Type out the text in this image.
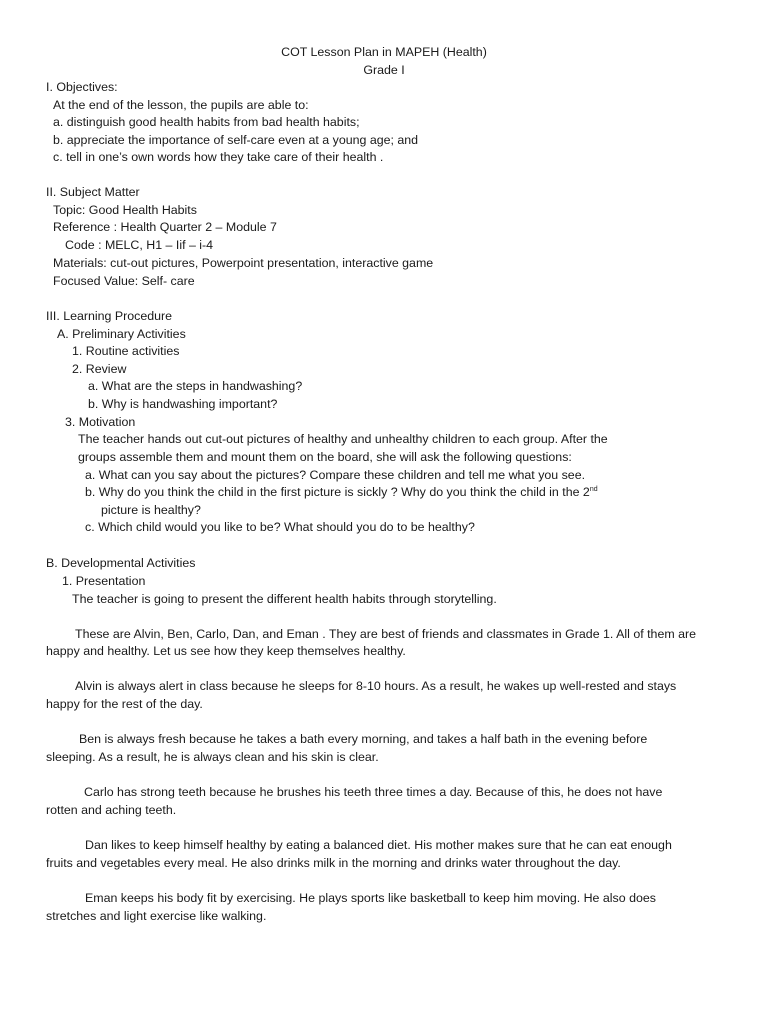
COT Lesson Plan in MAPEH (Health)
Grade I
I. Objectives:
At the end of the lesson, the pupils are able to:
a. distinguish good health habits from bad health habits;
b. appreciate the importance of self-care even at a young age; and
c. tell in one’s own words how they take care of their health .
II. Subject Matter
Topic: Good Health Habits
Reference : Health Quarter 2 – Module 7
Code : MELC, H1 – Iif – i-4
Materials: cut-out pictures, Powerpoint presentation, interactive game
Focused Value: Self- care
III. Learning Procedure
A. Preliminary Activities
1. Routine activities
2. Review
a. What are the steps in handwashing?
b. Why is handwashing important?
3. Motivation
The teacher hands out cut-out pictures of healthy and unhealthy children to each group. After the
groups assemble them and mount them on the board, she will ask the following questions:
a. What can you say about the pictures? Compare these children and tell me what you see.
b. Why do you think the child in the first picture is sickly ? Why do you think the child in the 2nd
picture is healthy?
c. Which child would you like to be? What should you do to be healthy?
B. Developmental Activities
1. Presentation
The teacher is going to present the different health habits through storytelling.
These are Alvin, Ben, Carlo, Dan, and Eman . They are best of friends and classmates in Grade 1. All of them are
happy and healthy. Let us see how they keep themselves healthy.
Alvin is always alert in class because he sleeps for 8-10 hours. As a result, he wakes up well-rested and stays
happy for the rest of the day.
Ben is always fresh because he takes a bath every morning, and takes a half bath in the evening before
sleeping. As a result, he is always clean and his skin is clear.
Carlo has strong teeth because he brushes his teeth three times a day. Because of this, he does not have
rotten and aching teeth.
Dan likes to keep himself healthy by eating a balanced diet. His mother makes sure that he can eat enough
fruits and vegetables every meal. He also drinks milk in the morning and drinks water throughout the day.
Eman keeps his body fit by exercising. He plays sports like basketball to keep him moving. He also does
stretches and light exercise like walking.
